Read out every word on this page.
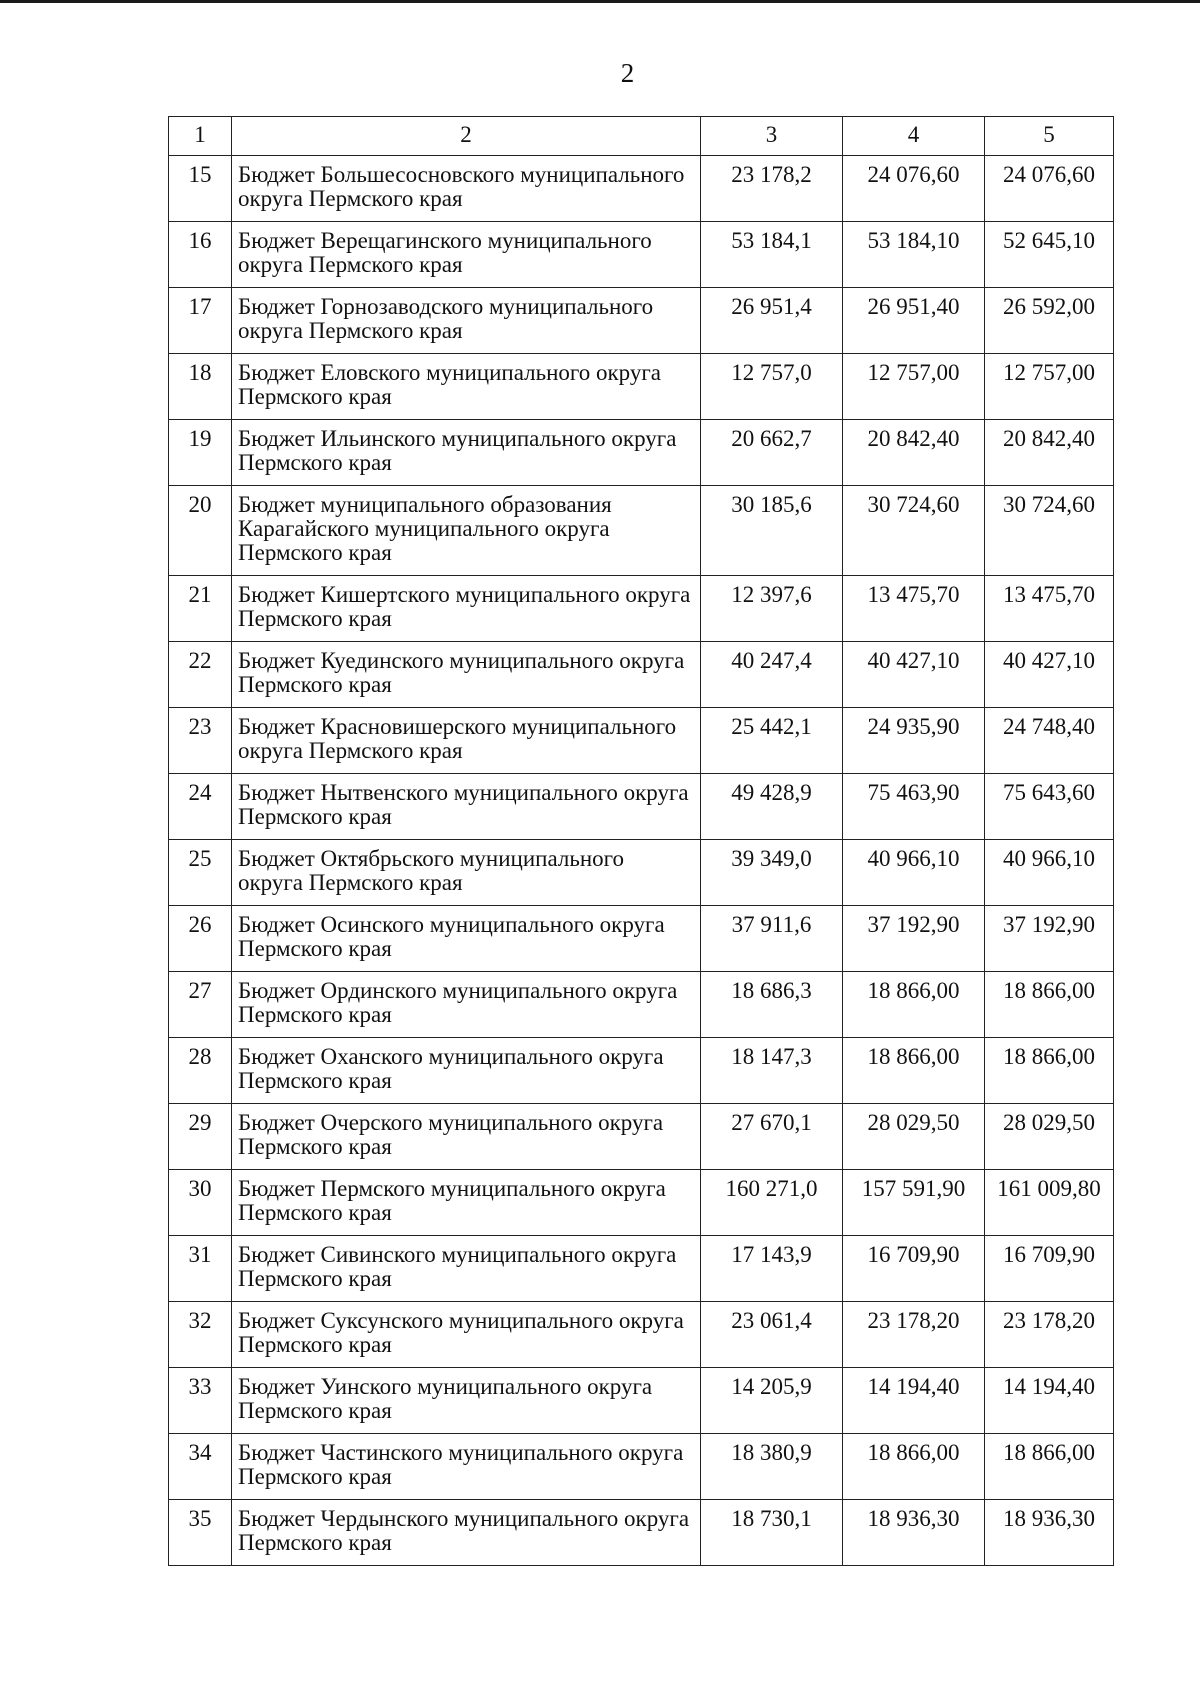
2
1	2	3	4	5
15	Бюджет Большесосновского муниципального округа Пермского края	23 178,2	24 076,60	24 076,60
16	Бюджет Верещагинского муниципального округа Пермского края	53 184,1	53 184,10	52 645,10
17	Бюджет Горнозаводского муниципального округа Пермского края	26 951,4	26 951,40	26 592,00
18	Бюджет Еловского муниципального округа Пермского края	12 757,0	12 757,00	12 757,00
19	Бюджет Ильинского муниципального округа Пермского края	20 662,7	20 842,40	20 842,40
20	Бюджет муниципального образования Карагайского муниципального округа Пермского края	30 185,6	30 724,60	30 724,60
21	Бюджет Кишертского муниципального округа Пермского края	12 397,6	13 475,70	13 475,70
22	Бюджет Куединского муниципального округа Пермского края	40 247,4	40 427,10	40 427,10
23	Бюджет Красновишерского муниципального округа Пермского края	25 442,1	24 935,90	24 748,40
24	Бюджет Нытвенского муниципального округа Пермского края	49 428,9	75 463,90	75 643,60
25	Бюджет Октябрьского муниципального округа Пермского края	39 349,0	40 966,10	40 966,10
26	Бюджет Осинского муниципального округа Пермского края	37 911,6	37 192,90	37 192,90
27	Бюджет Ординского муниципального округа Пермского края	18 686,3	18 866,00	18 866,00
28	Бюджет Оханского муниципального округа Пермского края	18 147,3	18 866,00	18 866,00
29	Бюджет Очерского муниципального округа Пермского края	27 670,1	28 029,50	28 029,50
30	Бюджет Пермского муниципального округа Пермского края	160 271,0	157 591,90	161 009,80
31	Бюджет Сивинского муниципального округа Пермского края	17 143,9	16 709,90	16 709,90
32	Бюджет Суксунского муниципального округа Пермского края	23 061,4	23 178,20	23 178,20
33	Бюджет Уинского муниципального округа Пермского края	14 205,9	14 194,40	14 194,40
34	Бюджет Частинского муниципального округа Пермского края	18 380,9	18 866,00	18 866,00
35	Бюджет Чердынского муниципального округа Пермского края	18 730,1	18 936,30	18 936,30
